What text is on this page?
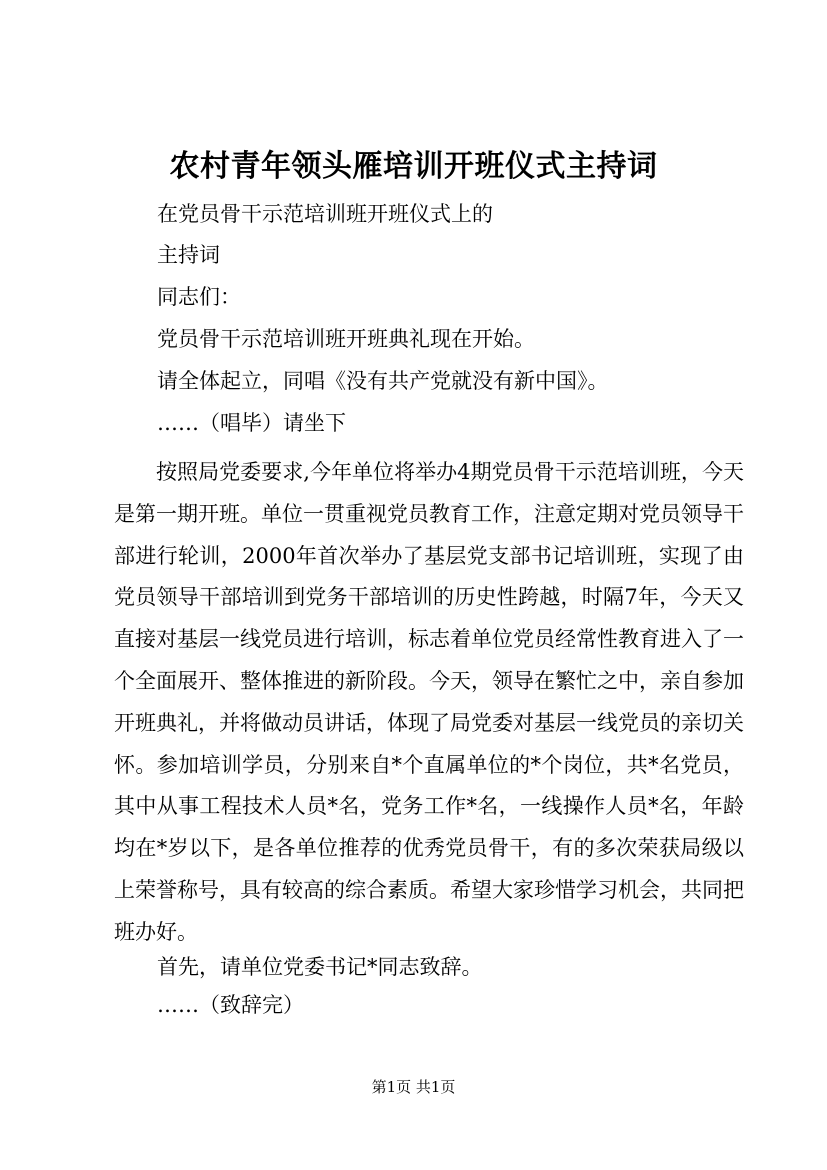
农村青年领头雁培训开班仪式主持词
在党员骨干示范培训班开班仪式上的
主持词
同志们：
党员骨干示范培训班开班典礼现在开始。
请全体起立，同唱《没有共产党就没有新中国》。
……（唱毕）请坐下

按照局党委要求,今年单位将举办4期党员骨干示范培训班，今天是第一期开班。单位一贯重视党员教育工作，注意定期对党员领导干部进行轮训，2000年首次举办了基层党支部书记培训班，实现了由党员领导干部培训到党务干部培训的历史性跨越，时隔7年，今天又直接对基层一线党员进行培训，标志着单位党员经常性教育进入了一个全面展开、整体推进的新阶段。今天，领导在繁忙之中，亲自参加开班典礼，并将做动员讲话，体现了局党委对基层一线党员的亲切关怀。参加培训学员，分别来自*个直属单位的*个岗位，共*名党员，其中从事工程技术人员*名，党务工作*名，一线操作人员*名，年龄均在*岁以下，是各单位推荐的优秀党员骨干，有的多次荣获局级以上荣誉称号，具有较高的综合素质。希望大家珍惜学习机会，共同把班办好。

首先，请单位党委书记*同志致辞。
……（致辞完）
第1页 共1页
